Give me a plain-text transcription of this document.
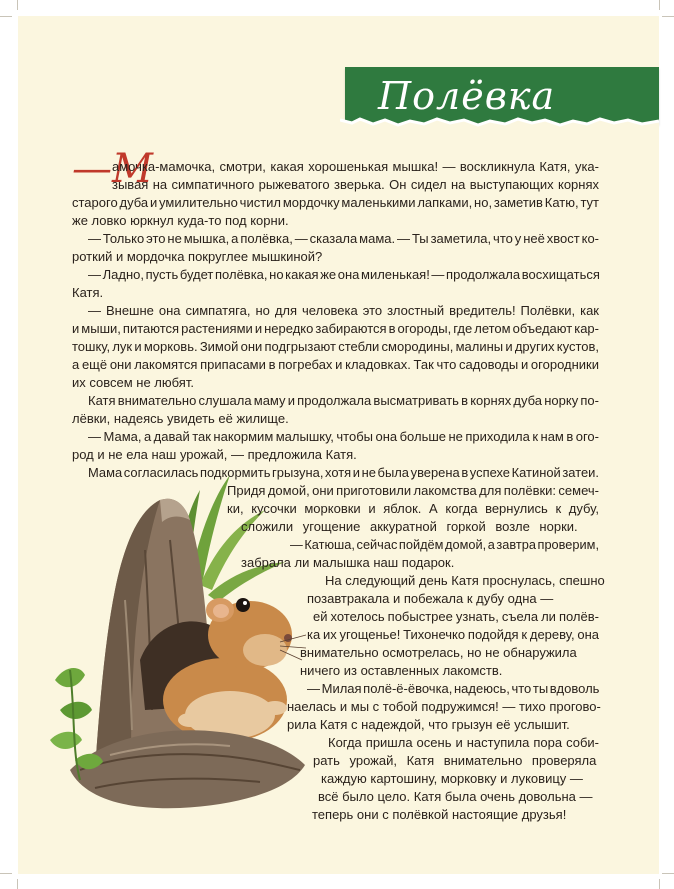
Полёвка
—М
амочка-мамочка, смотри, какая хорошенькая мышка! — воскликнула Катя, ука-
зывая на симпатичного рыжеватого зверька. Он сидел на выступающих корнях
старого дуба и умилительно чистил мордочку маленькими лапками, но, заметив Катю, тут
же ловко юркнул куда-то под корни.
— Только это не мышка, а полёвка, — сказала мама. — Ты заметила, что у неё хвост ко-
роткий и мордочка покруглее мышкиной?
— Ладно, пусть будет полёвка, но какая же она миленькая! — продолжала восхищаться
Катя.
— Внешне она симпатяга, но для человека это злостный вредитель! Полёвки, как
и мыши, питаются растениями и нередко забираются в огороды, где летом объедают кар-
тошку, лук и морковь. Зимой они подгрызают стебли смородины, малины и других кустов,
а ещё они лакомятся припасами в погребах и кладовках. Так что садоводы и огородники
их совсем не любят.
Катя внимательно слушала маму и продолжала высматривать в корнях дуба норку по-
лёвки, надеясь увидеть её жилище.
— Мама, а давай так накормим малышку, чтобы она больше не приходила к нам в ого-
род и не ела наш урожай, — предложила Катя.
Мама согласилась подкормить грызуна, хотя и не была уверена в успехе Катиной затеи.
Придя домой, они приготовили лакомства для полёвки: семеч-
ки, кусочки морковки и яблок. А когда вернулись к дубу,
сложили угощение аккуратной горкой возле норки.
— Катюша, сейчас пойдём домой, а завтра проверим,
забрала ли малышка наш подарок.
На следующий день Катя проснулась, спешно
позавтракала и побежала к дубу одна —
ей хотелось побыстрее узнать, съела ли полёв-
ка их угощенье! Тихонечко подойдя к дереву, она
внимательно осмотрелась, но не обнаружила
ничего из оставленных лакомств.
— Милая полё-ё-ёвочка, надеюсь, что ты вдоволь
наелась и мы с тобой подружимся! — тихо прогово-
рила Катя с надеждой, что грызун её услышит.
Когда пришла осень и наступила пора соби-
рать урожай, Катя внимательно проверяла
каждую картошину, морковку и луковицу —
всё было цело. Катя была очень довольна —
теперь они с полёвкой настоящие друзья!
